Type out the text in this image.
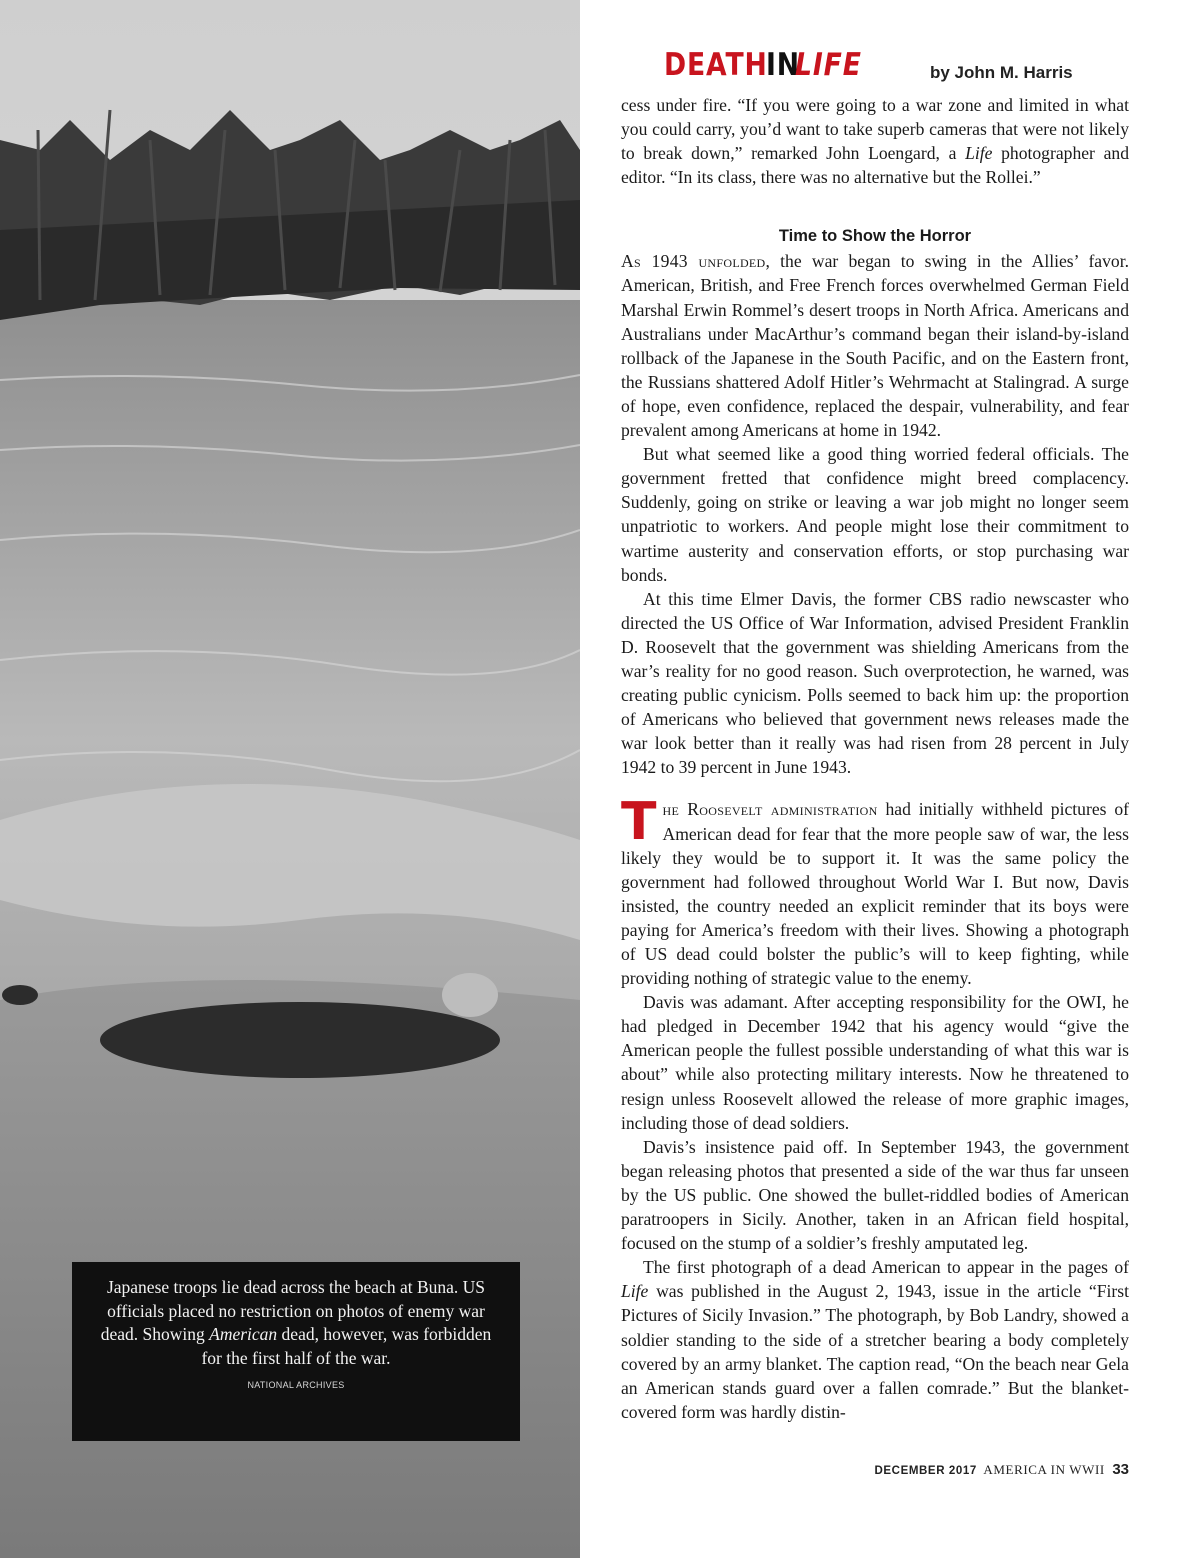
Japanese troops lie dead across the beach at Buna. US officials placed no restriction on photos of enemy war dead. Showing American dead, however, was forbidden for the first half of the war.
NATIONAL ARCHIVES
DEATHINLIFE	by John M. Harris

cess under fire. “If you were going to a war zone and limited in what you could carry, you’d want to take superb cameras that were not likely to break down,” remarked John Loengard, a Life photographer and editor. “In its class, there was no alternative but the Rollei.”

Time to Show the Horror

As 1943 unfolded, the war began to swing in the Allies’ favor. American, British, and Free French forces overwhelmed German Field Marshal Erwin Rommel’s desert troops in North Africa. Americans and Australians under MacArthur’s command began their island-by-island rollback of the Japanese in the South Pacific, and on the Eastern front, the Russians shattered Adolf Hitler’s Wehrmacht at Stalingrad. A surge of hope, even confidence, replaced the despair, vulnerability, and fear prevalent among Americans at home in 1942.

But what seemed like a good thing worried federal officials. The government fretted that confidence might breed complacency. Suddenly, going on strike or leaving a war job might no longer seem unpatriotic to workers. And people might lose their commitment to wartime austerity and conservation efforts, or stop purchasing war bonds.

At this time Elmer Davis, the former CBS radio newscaster who directed the US Office of War Information, advised President Franklin D. Roosevelt that the government was shielding Americans from the war’s reality for no good reason. Such overprotection, he warned, was creating public cynicism. Polls seemed to back him up: the proportion of Americans who believed that government news releases made the war look better than it really was had risen from 28 percent in July 1942 to 39 percent in June 1943.

The Roosevelt administration had initially withheld pictures of American dead for fear that the more people saw of war, the less likely they would be to support it. It was the same policy the government had followed throughout World War I. But now, Davis insisted, the country needed an explicit reminder that its boys were paying for America’s freedom with their lives. Showing a photograph of US dead could bolster the public’s will to keep fighting, while providing nothing of strategic value to the enemy.

Davis was adamant. After accepting responsibility for the OWI, he had pledged in December 1942 that his agency would “give the American people the fullest possible understanding of what this war is about” while also protecting military interests. Now he threatened to resign unless Roosevelt allowed the release of more graphic images, including those of dead soldiers.

Davis’s insistence paid off. In September 1943, the government began releasing photos that presented a side of the war thus far unseen by the US public. One showed the bullet-riddled bodies of American paratroopers in Sicily. Another, taken in an African field hospital, focused on the stump of a soldier’s freshly amputated leg.

The first photograph of a dead American to appear in the pages of Life was published in the August 2, 1943, issue in the article “First Pictures of Sicily Invasion.” The photograph, by Bob Landry, showed a soldier standing to the side of a stretcher bearing a body completely covered by an army blanket. The caption read, “On the beach near Gela an American stands guard over a fallen comrade.” But the blanket-covered form was hardly distin-

DECEMBER 2017 AMERICA IN WWII 33
